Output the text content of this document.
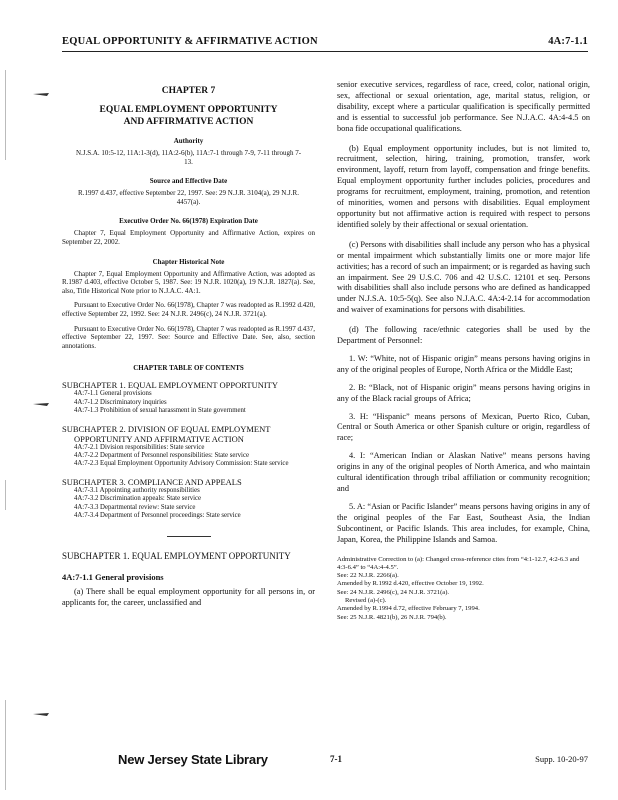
EQUAL OPPORTUNITY & AFFIRMATIVE ACTION	4A:7-1.1
CHAPTER 7
EQUAL EMPLOYMENT OPPORTUNITY
AND AFFIRMATIVE ACTION
Authority
N.J.S.A. 10:5-12, 11A:1-3(d), 11A:2-6(b), 11A:7-1 through 7-9, 7-11 through 7-13.
Source and Effective Date
R.1997 d.437, effective September 22, 1997. See: 29 N.J.R. 3104(a), 29 N.J.R. 4457(a).
Executive Order No. 66(1978) Expiration Date
Chapter 7, Equal Employment Opportunity and Affirmative Action, expires on September 22, 2002.
Chapter Historical Note
Chapter 7, Equal Employment Opportunity and Affirmative Action, was adopted as R.1987 d.403, effective October 5, 1987. See: 19 N.J.R. 1020(a), 19 N.J.R. 1827(a). See, also, Title Historical Note prior to N.J.A.C. 4A:1.
Pursuant to Executive Order No. 66(1978), Chapter 7 was readopted as R.1992 d.420, effective September 22, 1992. See: 24 N.J.R. 2496(c), 24 N.J.R. 3721(a).
Pursuant to Executive Order No. 66(1978), Chapter 7 was readopted as R.1997 d.437, effective September 22, 1997. See: Source and Effective Date. See, also, section annotations.
CHAPTER TABLE OF CONTENTS
SUBCHAPTER 1. EQUAL EMPLOYMENT OPPORTUNITY
4A:7-1.1 General provisions
4A:7-1.2 Discriminatory inquiries
4A:7-1.3 Prohibition of sexual harassment in State government
SUBCHAPTER 2. DIVISION OF EQUAL EMPLOYMENT OPPORTUNITY AND AFFIRMATIVE ACTION
4A:7-2.1 Division responsibilities: State service
4A:7-2.2 Department of Personnel responsibilities: State service
4A:7-2.3 Equal Employment Opportunity Advisory Commission: State service
SUBCHAPTER 3. COMPLIANCE AND APPEALS
4A:7-3.1 Appointing authority responsibilities
4A:7-3.2 Discrimination appeals: State service
4A:7-3.3 Departmental review: State service
4A:7-3.4 Department of Personnel proceedings: State service
SUBCHAPTER 1. EQUAL EMPLOYMENT OPPORTUNITY
4A:7-1.1 General provisions
(a) There shall be equal employment opportunity for all persons in, or applicants for, the career, unclassified and
senior executive services, regardless of race, creed, color, national origin, sex, affectional or sexual orientation, age, marital status, religion, or disability, except where a particular qualification is specifically permitted and is essential to successful job performance. See N.J.A.C. 4A:4-4.5 on bona fide occupational qualifications.
(b) Equal employment opportunity includes, but is not limited to, recruitment, selection, hiring, training, promotion, transfer, work environment, layoff, return from layoff, compensation and fringe benefits. Equal employment opportunity further includes policies, procedures and programs for recruitment, employment, training, promotion, and retention of minorities, women and persons with disabilities. Equal employment opportunity but not affirmative action is required with respect to persons identified solely by their affectional or sexual orientation.
(c) Persons with disabilities shall include any person who has a physical or mental impairment which substantially limits one or more major life activities; has a record of such an impairment; or is regarded as having such an impairment. See 29 U.S.C. 706 and 42 U.S.C. 12101 et seq. Persons with disabilities shall also include persons who are defined as handicapped under N.J.S.A. 10:5-5(q). See also N.J.A.C. 4A:4-2.14 for accommodation and waiver of examinations for persons with disabilities.
(d) The following race/ethnic categories shall be used by the Department of Personnel:
1. W: “White, not of Hispanic origin” means persons having origins in any of the original peoples of Europe, North Africa or the Middle East;
2. B: “Black, not of Hispanic origin” means persons having origins in any of the Black racial groups of Africa;
3. H: “Hispanic” means persons of Mexican, Puerto Rico, Cuban, Central or South America or other Spanish culture or origin, regardless of race;
4. I: “American Indian or Alaskan Native” means persons having origins in any of the original peoples of North America, and who maintain cultural identification through tribal affiliation or community recognition; and
5. A: “Asian or Pacific Islander” means persons having origins in any of the original peoples of the Far East, Southeast Asia, the Indian Subcontinent, or Pacific Islands. This area includes, for example, China, Japan, Korea, the Philippine Islands and Samoa.
Administrative Correction to (a): Changed cross-reference cites from “4:1-12.7, 4:2-6.3 and 4:3-6.4” to “4A:4-4.5”.
See: 22 N.J.R. 2266(a).
Amended by R.1992 d.420, effective October 19, 1992.
See: 24 N.J.R. 2496(c), 24 N.J.R. 3721(a).
Revised (a)-(c).
Amended by R.1994 d.72, effective February 7, 1994.
See: 25 N.J.R. 4821(b), 26 N.J.R. 794(b).
New Jersey State Library	7-1	Supp. 10-20-97
